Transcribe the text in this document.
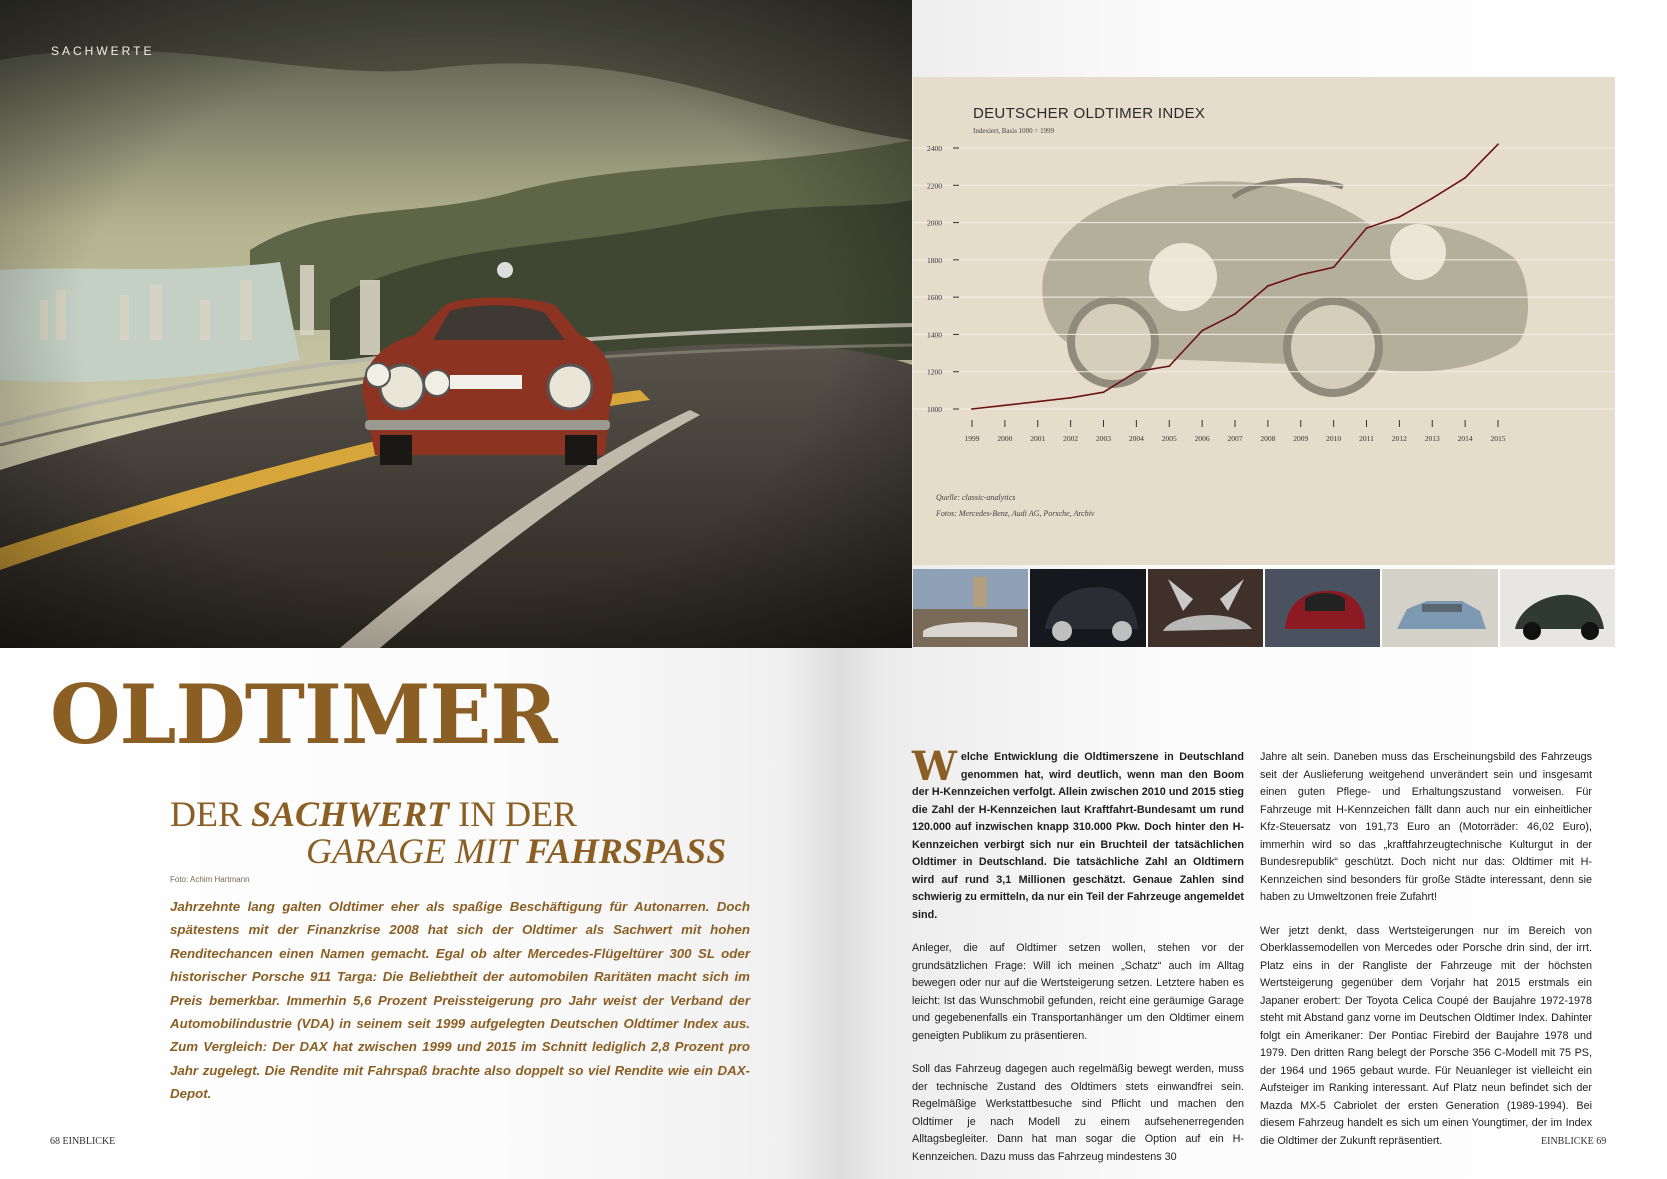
SACHWERTE
1000
1200
1400
1600
1800
2000
2200
2400
1999 2000 2001 2002 2003 2004 2005 2006 2007 2008 2009 2010 2011 2012 2013 2014 2015
DEUTSCHER OLDTIMER INDEX
Indexiert, Basis 1000 = 1999
Quelle: classic-analytics
Fotos: Mercedes-Benz, Audi AG, Porsche, Archiv
OLDTIMER
DER SACHWERT IN DER
GARAGE MIT FAHRSPASS
Foto: Achim Hartmann
Jahrzehnte lang galten Oldtimer eher als spaßige Beschäftigung für Autonarren. Doch spätestens mit der Finanzkrise 2008 hat sich der Oldtimer als Sachwert mit hohen Renditechancen einen Namen gemacht. Egal ob alter Mercedes-Flügeltürer 300 SL oder historischer Porsche 911 Targa: Die Beliebtheit der automobilen Raritäten macht sich im Preis bemerkbar. Immerhin 5,6 Prozent Preissteigerung pro Jahr weist der Verband der Automobilindustrie (VDA) in seinem seit 1999 aufgelegten Deutschen Oldtimer Index aus. Zum Vergleich: Der DAX hat zwischen 1999 und 2015 im Schnitt lediglich 2,8 Prozent pro Jahr zugelegt. Die Rendite mit Fahrspaß brachte also doppelt so viel Rendite wie ein DAX-Depot.

Welche Entwicklung die Oldtimerszene in Deutschland genommen hat, wird deutlich, wenn man den Boom der H-Kennzeichen verfolgt. Allein zwischen 2010 und 2015 stieg die Zahl der H-Kennzeichen laut Kraftfahrt-Bundesamt um rund 120.000 auf inzwischen knapp 310.000 Pkw. Doch hinter den H-Kennzeichen verbirgt sich nur ein Bruchteil der tatsächlichen Oldtimer in Deutschland. Die tatsächliche Zahl an Oldtimern wird auf rund 3,1 Millionen geschätzt. Genaue Zahlen sind schwierig zu ermitteln, da nur ein Teil der Fahrzeuge angemeldet sind.

Anleger, die auf Oldtimer setzen wollen, stehen vor der grundsätzlichen Frage: Will ich meinen „Schatz“ auch im Alltag bewegen oder nur auf die Wertsteigerung setzen. Letztere haben es leicht: Ist das Wunschmobil gefunden, reicht eine geräumige Garage und gegebenenfalls ein Transportanhänger um den Oldtimer einem geneigten Publikum zu präsentieren.

Soll das Fahrzeug dagegen auch regelmäßig bewegt werden, muss der technische Zustand des Oldtimers stets einwandfrei sein. Regelmäßige Werkstattbesuche sind Pflicht und machen den Oldtimer je nach Modell zu einem aufsehenerregenden Alltagsbegleiter. Dann hat man sogar die Option auf ein H-Kennzeichen. Dazu muss das Fahrzeug mindestens 30

Jahre alt sein. Daneben muss das Erscheinungsbild des Fahrzeugs seit der Auslieferung weitgehend unverändert sein und insgesamt einen guten Pflege- und Erhaltungszustand vorweisen. Für Fahrzeuge mit H-Kennzeichen fällt dann auch nur ein einheitlicher Kfz-Steuersatz von 191,73 Euro an (Motorräder: 46,02 Euro), immerhin wird so das „kraftfahrzeugtechnische Kulturgut in der Bundesrepublik“ geschützt. Doch nicht nur das: Oldtimer mit H-Kennzeichen sind besonders für große Städte interessant, denn sie haben zu Umweltzonen freie Zufahrt!

Wer jetzt denkt, dass Wertsteigerungen nur im Bereich von Oberklassemodellen von Mercedes oder Porsche drin sind, der irrt. Platz eins in der Rangliste der Fahrzeuge mit der höchsten Wertsteigerung gegenüber dem Vorjahr hat 2015 erstmals ein Japaner erobert: Der Toyota Celica Coupé der Baujahre 1972-1978 steht mit Abstand ganz vorne im Deutschen Oldtimer Index. Dahinter folgt ein Amerikaner: Der Pontiac Firebird der Baujahre 1978 und 1979. Den dritten Rang belegt der Porsche 356 C-Modell mit 75 PS, der 1964 und 1965 gebaut wurde. Für Neuanleger ist vielleicht ein Aufsteiger im Ranking interessant. Auf Platz neun befindet sich der Mazda MX-5 Cabriolet der ersten Generation (1989-1994). Bei diesem Fahrzeug handelt es sich um einen Youngtimer, der im Index die Oldtimer der Zukunft repräsentiert.

68 EINBLICKE	EINBLICKE 69
